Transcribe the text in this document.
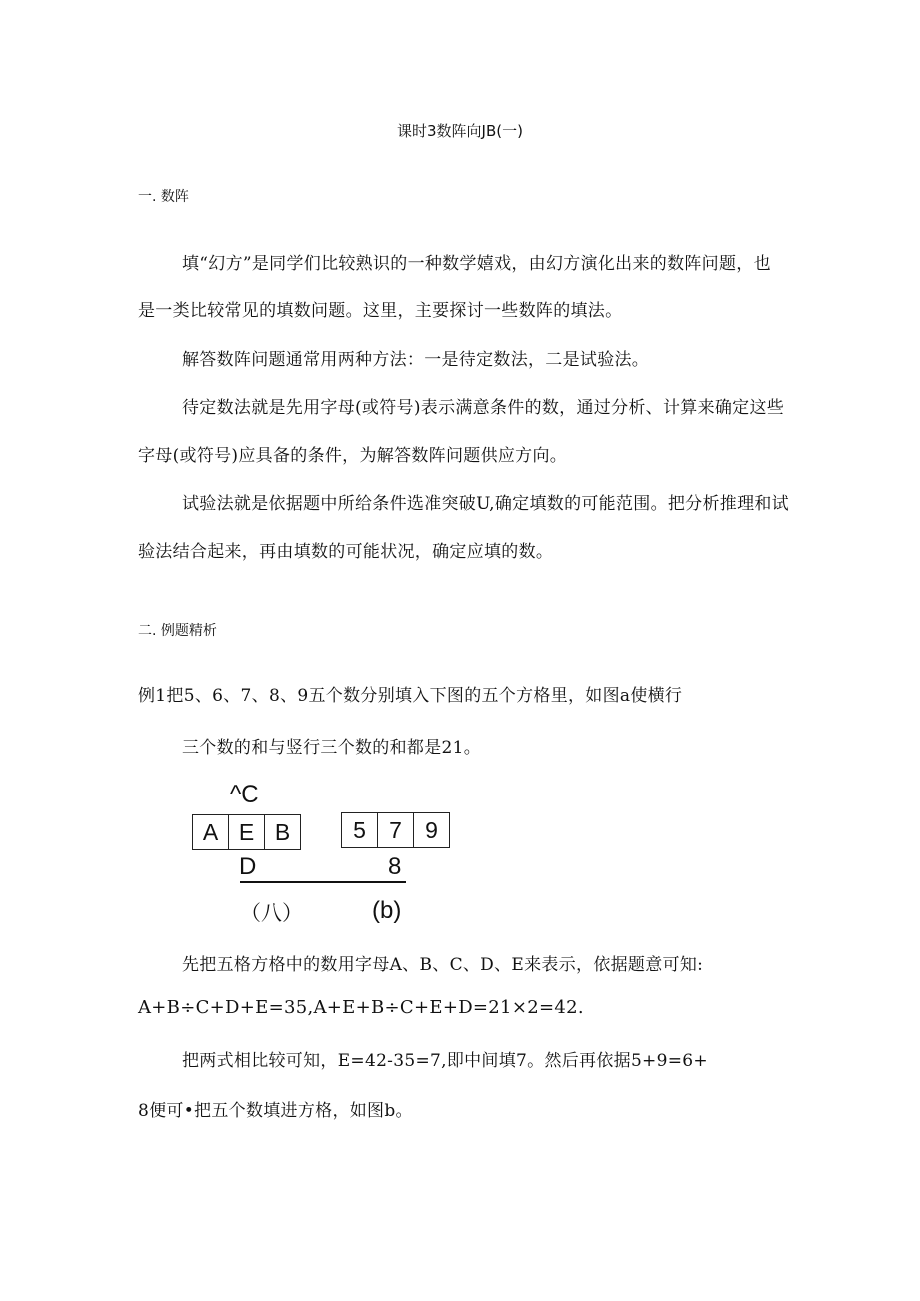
课时3数阵向JB(一)
一. 数阵
填“幻方”是同学们比较熟识的一种数学嬉戏，由幻方演化出来的数阵问题，也
是一类比较常见的填数问题。这里，主要探讨一些数阵的填法。
解答数阵问题通常用两种方法：一是待定数法，二是试验法。
待定数法就是先用字母(或符号)表示满意条件的数，通过分析、计算来确定这些
字母(或符号)应具备的条件，为解答数阵问题供应方向。
试验法就是依据题中所给条件选准突破U,确定填数的可能范围。把分析推理和试
验法结合起来，再由填数的可能状况，确定应填的数。
二. 例题精析
例1把5、6、7、8、9五个数分别填入下图的五个方格里，如图a使横行
三个数的和与竖行三个数的和都是21。
^C
A E B
D
（八）
5	7	9
8
(b)
先把五格方格中的数用字母A、B、C、D、E来表示，依据题意可知:
A+B÷C+D+E=35,A+E+B÷C+E+D=21×2=42.
把两式相比较可知，E=42-35=7,即中间填7。然后再依据5+9=6+
8便可•把五个数填进方格，如图b。
